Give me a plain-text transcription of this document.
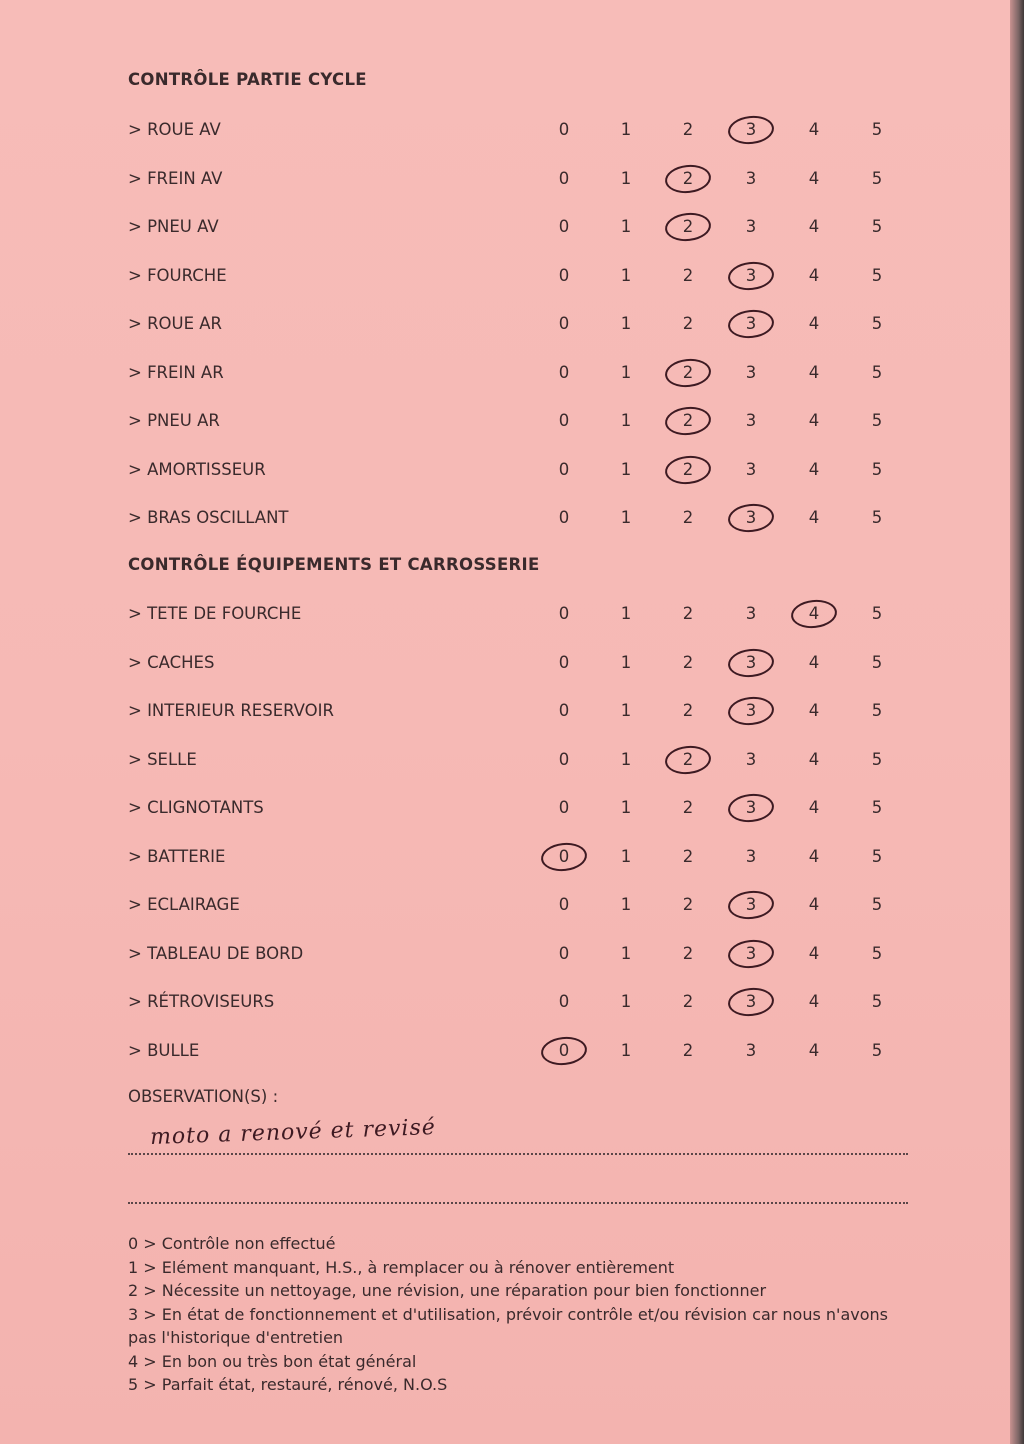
CONTRÔLE PARTIE CYCLE
> ROUE AV	0	1	2	3	4	5
> FREIN AV	0	1	2	3	4	5
> PNEU AV	0	1	2	3	4	5
> FOURCHE	0	1	2	3	4	5
> ROUE AR	0	1	2	3	4	5
> FREIN AR	0	1	2	3	4	5
> PNEU AR	0	1	2	3	4	5
> AMORTISSEUR	0	1	2	3	4	5
> BRAS OSCILLANT	0	1	2	3	4	5
CONTRÔLE ÉQUIPEMENTS ET CARROSSERIE
> TETE DE FOURCHE	0	1	2	3	4	5
> CACHES	0	1	2	3	4	5
> INTERIEUR RESERVOIR	0	1	2	3	4	5
> SELLE	0	1	2	3	4	5
> CLIGNOTANTS	0	1	2	3	4	5
> BATTERIE	0	1	2	3	4	5
> ECLAIRAGE	0	1	2	3	4	5
> TABLEAU DE BORD	0	1	2	3	4	5
> RÉTROVISEURS	0	1	2	3	4	5
> BULLE	0	1	2	3	4	5
OBSERVATION(S) :
moto a renové et revisé
0 > Contrôle non effectué
1 > Elément manquant, H.S., à remplacer ou à rénover entièrement
2 > Nécessite un nettoyage, une révision, une réparation pour bien fonctionner
3 > En état de fonctionnement et d'utilisation, prévoir contrôle et/ou révision car nous n'avons pas l'historique d'entretien
4 > En bon ou très bon état général
5 > Parfait état, restauré, rénové, N.O.S
